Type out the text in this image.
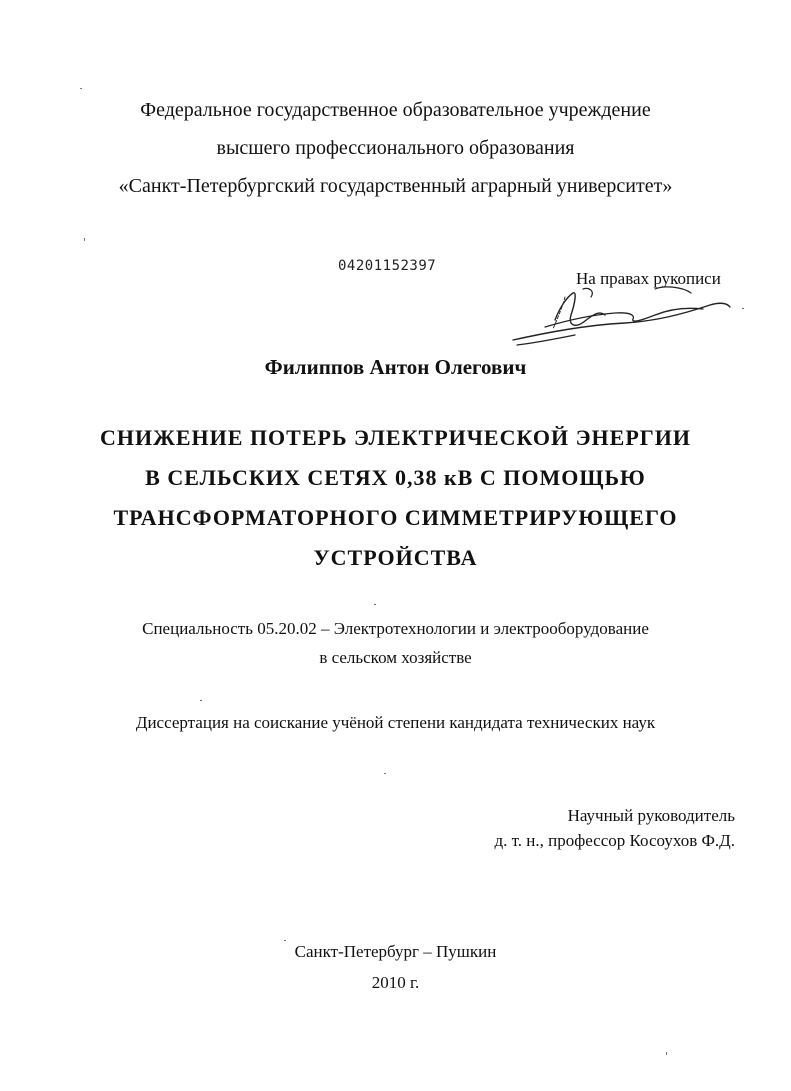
Федеральное государственное образовательное учреждение
высшего профессионального образования
«Санкт-Петербургский государственный аграрный университет»
04201152397
На правах рукописи
Филиппов Антон Олегович
СНИЖЕНИЕ ПОТЕРЬ ЭЛЕКТРИЧЕСКОЙ ЭНЕРГИИ
В СЕЛЬСКИХ СЕТЯХ 0,38 кВ С ПОМОЩЬЮ
ТРАНСФОРМАТОРНОГО СИММЕТРИРУЮЩЕГО
УСТРОЙСТВА
Специальность 05.20.02 – Электротехнологии и электрооборудование
в сельском хозяйстве
Диссертация на соискание учёной степени кандидата технических наук
Научный руководитель
д. т. н., профессор Косоухов Ф.Д.
Санкт-Петербург – Пушкин
2010 г.
